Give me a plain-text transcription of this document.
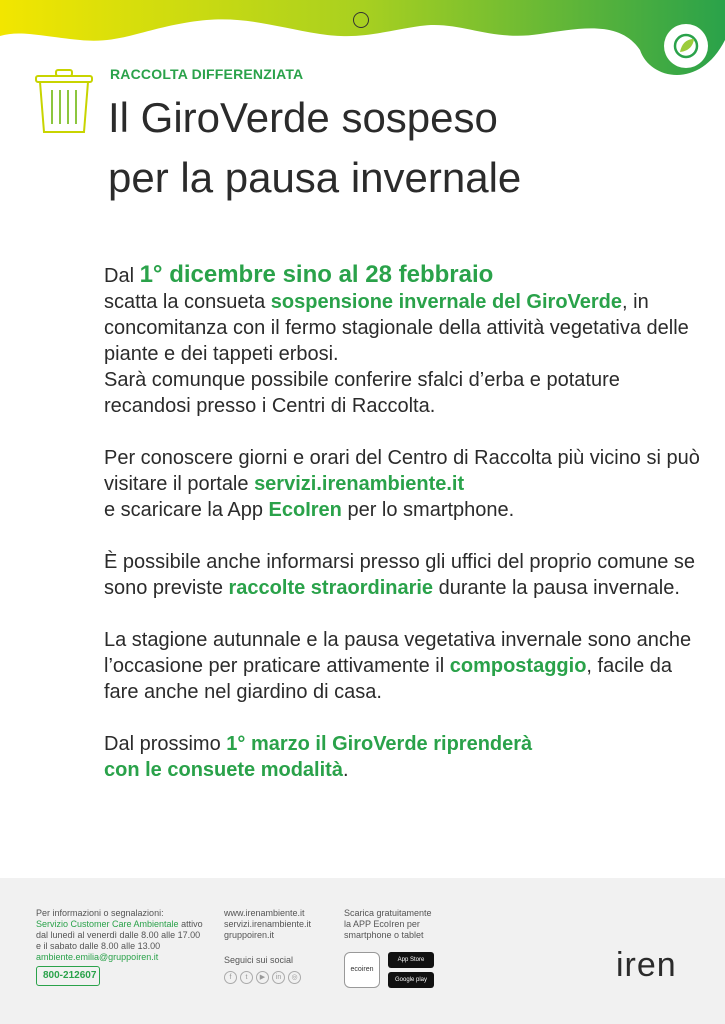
RACCOLTA DIFFERENZIATA
Il GiroVerde sospeso
per la pausa invernale

Dal 1° dicembre sino al 28 febbraio
scatta la consueta sospensione invernale del GiroVerde, in concomitanza con il fermo stagionale della attività vegetativa delle piante e dei tappeti erbosi.
Sarà comunque possibile conferire sfalci d’erba e potature recandosi presso i Centri di Raccolta.

Per conoscere giorni e orari del Centro di Raccolta più vicino si può visitare il portale servizi.irenambiente.it
e scaricare la App EcoIren per lo smartphone.

È possibile anche informarsi presso gli uffici del proprio comune se sono previste raccolte straordinarie durante la pausa invernale.

La stagione autunnale e la pausa vegetativa invernale sono anche l’occasione per praticare attivamente il compostaggio, facile da fare anche nel giardino di casa.

Dal prossimo 1° marzo il GiroVerde riprenderà
con le consuete modalità.

Per informazioni o segnalazioni:
Servizio Customer Care Ambientale attivo
dal lunedì al venerdì dalle 8.00 alle 17.00
e il sabato dalle 8.00 alle 13.00
ambiente.emilia@gruppoiren.it
800-212607
www.irenambiente.it
servizi.irenambiente.it
gruppoiren.it
Seguici sui social
f	t	▶	in	◎
Scarica gratuitamente
la APP EcoIren per
smartphone o tablet
ecoiren
App Store
Google play	iren
